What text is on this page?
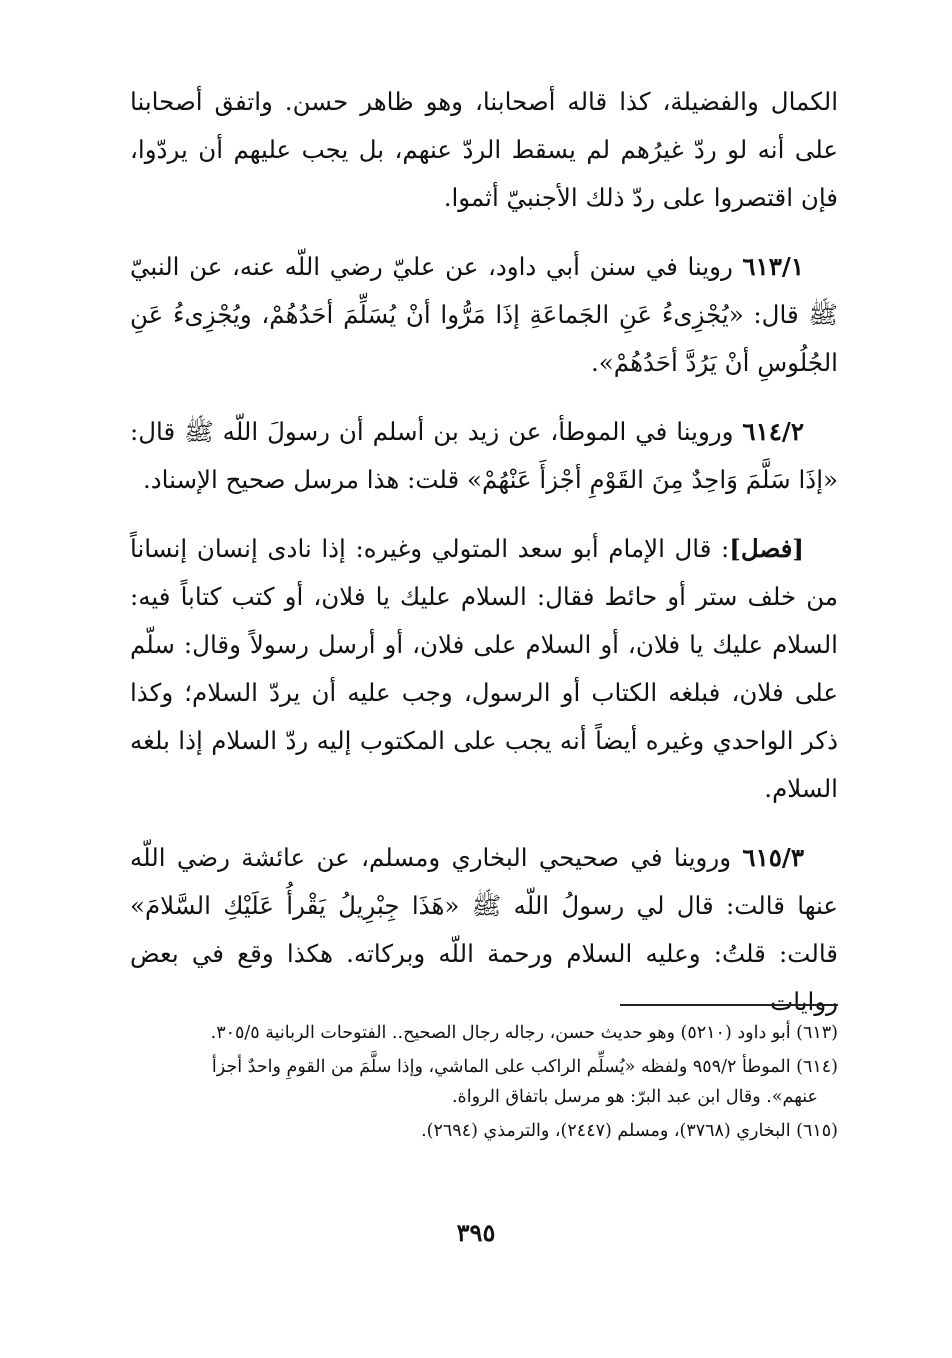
الكمال والفضيلة، كذا قاله أصحابنا، وهو ظاهر حسن. واتفق أصحابنا على أنه لو ردّ غيرُهم لم يسقط الردّ عنهم، بل يجب عليهم أن يردّوا، فإن اقتصروا على ردّ ذلك الأجنبيّ أثموا.

٦١٣/١ روينا في سنن أبي داود، عن عليّ رضي اللّه عنه، عن النبيّ ﷺ قال: «يُجْزِىءُ عَنِ الجَماعَةِ إذَا مَرُّوا أنْ يُسَلِّمَ أحَدُهُمْ، ويُجْزِىءُ عَنِ الجُلُوسِ أنْ يَرُدَّ أحَدُهُمْ».

٦١٤/٢ وروينا في الموطأ، عن زيد بن أسلم أن رسولَ اللّه ﷺ قال: «إذَا سَلَّمَ وَاحِدٌ مِنَ القَوْمِ أجْزأَ عَنْهُمْ» قلت: هذا مرسل صحيح الإسناد.

[فصل]: قال الإمام أبو سعد المتولي وغيره: إذا نادى إنسان إنساناً من خلف ستر أو حائط فقال: السلام عليك يا فلان، أو كتب كتاباً فيه: السلام عليك يا فلان، أو السلام على فلان، أو أرسل رسولاً وقال: سلّم على فلان، فبلغه الكتاب أو الرسول، وجب عليه أن يردّ السلام؛ وكذا ذكر الواحدي وغيره أيضاً أنه يجب على المكتوب إليه ردّ السلام إذا بلغه السلام.

٦١٥/٣ وروينا في صحيحي البخاري ومسلم، عن عائشة رضي اللّه عنها قالت: قال لي رسولُ اللّه ﷺ «هَذَا جِبْرِيلُ يَقْرأُ عَلَيْكِ السَّلامَ» قالت: قلتُ: وعليه السلام ورحمة اللّه وبركاته. هكذا وقع في بعض روايات

(٦١٣) أبو داود (٥٢١٠) وهو حديث حسن، رجاله رجال الصحيح.. الفتوحات الربانية ٣٠٥/٥.

(٦١٤) الموطأ ٩٥٩/٢ ولفظه «يُسلِّم الراكب على الماشي، وإذا سلَّمَ من القومِ واحدٌ أجزأ
عنهم». وقال ابن عبد البرّ: هو مرسل باتفاق الرواة.

(٦١٥) البخاري (٣٧٦٨)، ومسلم (٢٤٤٧)، والترمذي (٢٦٩٤).

٣٩٥
